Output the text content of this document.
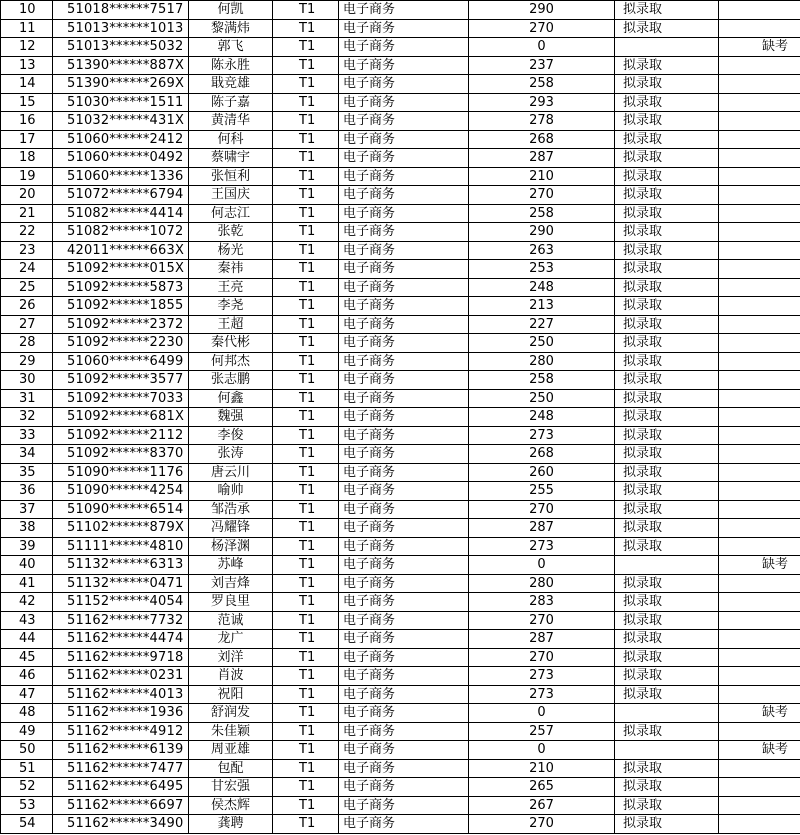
10	51018******7517	何凯	T1	电子商务	290	拟录取	
11	51013******1013	黎满炜	T1	电子商务	270	拟录取	
12	51013******5032	郭飞	T1	电子商务	0		缺考
13	51390******887X	陈永胜	T1	电子商务	237	拟录取	
14	51390******269X	戢竞雄	T1	电子商务	258	拟录取	
15	51030******1511	陈子嘉	T1	电子商务	293	拟录取	
16	51032******431X	黄清华	T1	电子商务	278	拟录取	
17	51060******2412	何科	T1	电子商务	268	拟录取	
18	51060******0492	蔡啸宇	T1	电子商务	287	拟录取	
19	51060******1336	张恒利	T1	电子商务	210	拟录取	
20	51072******6794	王国庆	T1	电子商务	270	拟录取	
21	51082******4414	何志江	T1	电子商务	258	拟录取	
22	51082******1072	张乾	T1	电子商务	290	拟录取	
23	42011******663X	杨光	T1	电子商务	263	拟录取	
24	51092******015X	秦祎	T1	电子商务	253	拟录取	
25	51092******5873	王亮	T1	电子商务	248	拟录取	
26	51092******1855	李尧	T1	电子商务	213	拟录取	
27	51092******2372	王超	T1	电子商务	227	拟录取	
28	51092******2230	秦代彬	T1	电子商务	250	拟录取	
29	51060******6499	何邦杰	T1	电子商务	280	拟录取	
30	51092******3577	张志鹏	T1	电子商务	258	拟录取	
31	51092******7033	何鑫	T1	电子商务	250	拟录取	
32	51092******681X	魏强	T1	电子商务	248	拟录取	
33	51092******2112	李俊	T1	电子商务	273	拟录取	
34	51092******8370	张涛	T1	电子商务	268	拟录取	
35	51090******1176	唐云川	T1	电子商务	260	拟录取	
36	51090******4254	喻帅	T1	电子商务	255	拟录取	
37	51090******6514	邹浩承	T1	电子商务	270	拟录取	
38	51102******879X	冯耀锋	T1	电子商务	287	拟录取	
39	51111******4810	杨泽渊	T1	电子商务	273	拟录取	
40	51132******6313	苏峰	T1	电子商务	0		缺考
41	51132******0471	刘吉烽	T1	电子商务	280	拟录取	
42	51152******4054	罗良里	T1	电子商务	283	拟录取	
43	51162******7732	范诚	T1	电子商务	270	拟录取	
44	51162******4474	龙广	T1	电子商务	287	拟录取	
45	51162******9718	刘洋	T1	电子商务	270	拟录取	
46	51162******0231	肖波	T1	电子商务	273	拟录取	
47	51162******4013	祝阳	T1	电子商务	273	拟录取	
48	51162******1936	舒润发	T1	电子商务	0		缺考
49	51162******4912	朱佳颖	T1	电子商务	257	拟录取	
50	51162******6139	周亚雄	T1	电子商务	0		缺考
51	51162******7477	包配	T1	电子商务	210	拟录取	
52	51162******6495	甘宏强	T1	电子商务	265	拟录取	
53	51162******6697	侯杰辉	T1	电子商务	267	拟录取	
54	51162******3490	龚聘	T1	电子商务	270	拟录取	
